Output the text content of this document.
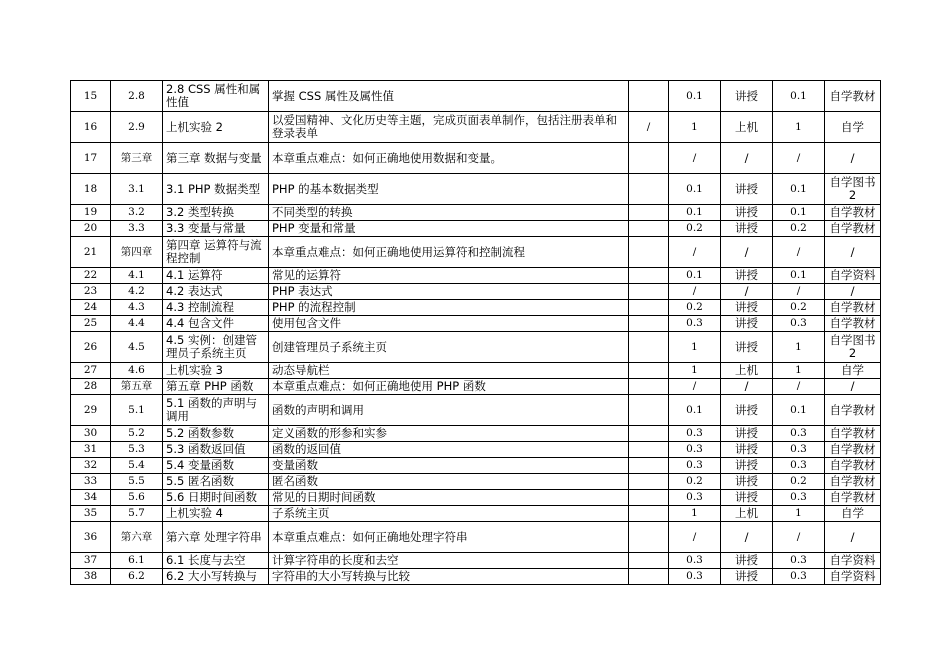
15	2.8	2.8 CSS 属性和属性值	掌握 CSS 属性及属性值		0.1	讲授	0.1	自学教材
16	2.9	上机实验 2	以爱国精神、文化历史等主题，完成页面表单制作，包括注册表单和登录表单	/	1	上机	1	自学
17	第三章	第三章 数据与变量	本章重点难点：如何正确地使用数据和变量。		/	/	/	/
18	3.1	3.1 PHP 数据类型	PHP 的基本数据类型		0.1	讲授	0.1	自学图书 2
19	3.2	3.2 类型转换	不同类型的转换		0.1	讲授	0.1	自学教材
20	3.3	3.3 变量与常量	PHP 变量和常量		0.2	讲授	0.2	自学教材
21	第四章	第四章 运算符与流程控制	本章重点难点：如何正确地使用运算符和控制流程		/	/	/	/
22	4.1	4.1 运算符	常见的运算符		0.1	讲授	0.1	自学资料
23	4.2	4.2 表达式	PHP 表达式		/	/	/	/
24	4.3	4.3 控制流程	PHP 的流程控制		0.2	讲授	0.2	自学教材
25	4.4	4.4 包含文件	使用包含文件		0.3	讲授	0.3	自学教材
26	4.5	4.5 实例：创建管理员子系统主页	创建管理员子系统主页		1	讲授	1	自学图书 2
27	4.6	上机实验 3	动态导航栏		1	上机	1	自学
28	第五章	第五章 PHP 函数	本章重点难点：如何正确地使用 PHP 函数		/	/	/	/
29	5.1	5.1 函数的声明与调用	函数的声明和调用		0.1	讲授	0.1	自学教材
30	5.2	5.2 函数参数	定义函数的形参和实参		0.3	讲授	0.3	自学教材
31	5.3	5.3 函数返回值	函数的返回值		0.3	讲授	0.3	自学教材
32	5.4	5.4 变量函数	变量函数		0.3	讲授	0.3	自学教材
33	5.5	5.5 匿名函数	匿名函数		0.2	讲授	0.2	自学教材
34	5.6	5.6 日期时间函数	常见的日期时间函数		0.3	讲授	0.3	自学教材
35	5.7	上机实验 4	子系统主页		1	上机	1	自学
36	第六章	第六章 处理字符串	本章重点难点：如何正确地处理字符串		/	/	/	/
37	6.1	6.1 长度与去空	计算字符串的长度和去空		0.3	讲授	0.3	自学资料
38	6.2	6.2 大小写转换与	字符串的大小写转换与比较		0.3	讲授	0.3	自学资料
